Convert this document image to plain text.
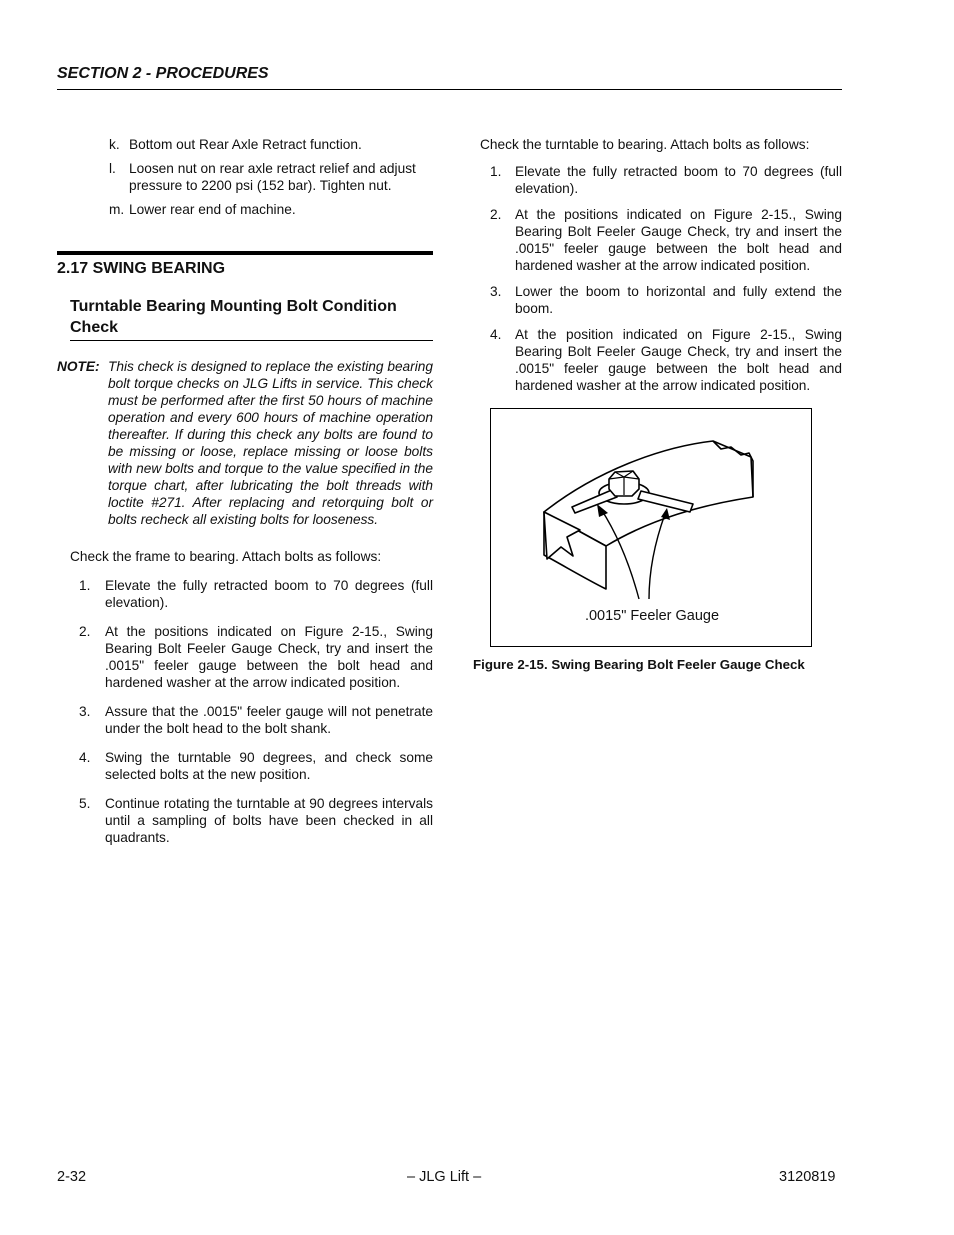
SECTION 2 - PROCEDURES
k. Bottom out Rear Axle Retract function.
l. Loosen nut on rear axle retract relief and adjust pressure to 2200 psi (152 bar). Tighten nut.
m. Lower rear end of machine.
2.17 SWING BEARING
Turntable Bearing Mounting Bolt Condition Check
NOTE: This check is designed to replace the existing bearing bolt torque checks on JLG Lifts in service. This check must be performed after the first 50 hours of machine operation and every 600 hours of machine operation thereafter. If during this check any bolts are found to be missing or loose, replace missing or loose bolts with new bolts and torque to the value specified in the torque chart, after lubricating the bolt threads with loctite #271. After replacing and retorquing bolt or bolts recheck all existing bolts for looseness.
Check the frame to bearing. Attach bolts as follows:
1.	Elevate the fully retracted boom to 70 degrees (full elevation).
2.	At the positions indicated on Figure 2-15., Swing Bearing Bolt Feeler Gauge Check, try and insert the .0015" feeler gauge between the bolt head and hardened washer at the arrow indicated position.
3.	Assure that the .0015" feeler gauge will not penetrate under the bolt head to the bolt shank.
4.	Swing the turntable 90 degrees, and check some selected bolts at the new position.
5.	Continue rotating the turntable at 90 degrees intervals until a sampling of bolts have been checked in all quadrants.
Check the turntable to bearing. Attach bolts as follows:
1. Elevate the fully retracted boom to 70 degrees (full elevation).
2. At the positions indicated on Figure 2-15., Swing Bearing Bolt Feeler Gauge Check, try and insert the .0015" feeler gauge between the bolt head and hardened washer at the arrow indicated position.
3. Lower the boom to horizontal and fully extend the boom.
4. At the position indicated on Figure 2-15., Swing Bearing Bolt Feeler Gauge Check, try and insert the .0015" feeler gauge between the bolt head and hardened washer at the arrow indicated position.
.0015" Feeler Gauge
Figure 2-15. Swing Bearing Bolt Feeler Gauge Check
2-32	– JLG Lift –	3120819
